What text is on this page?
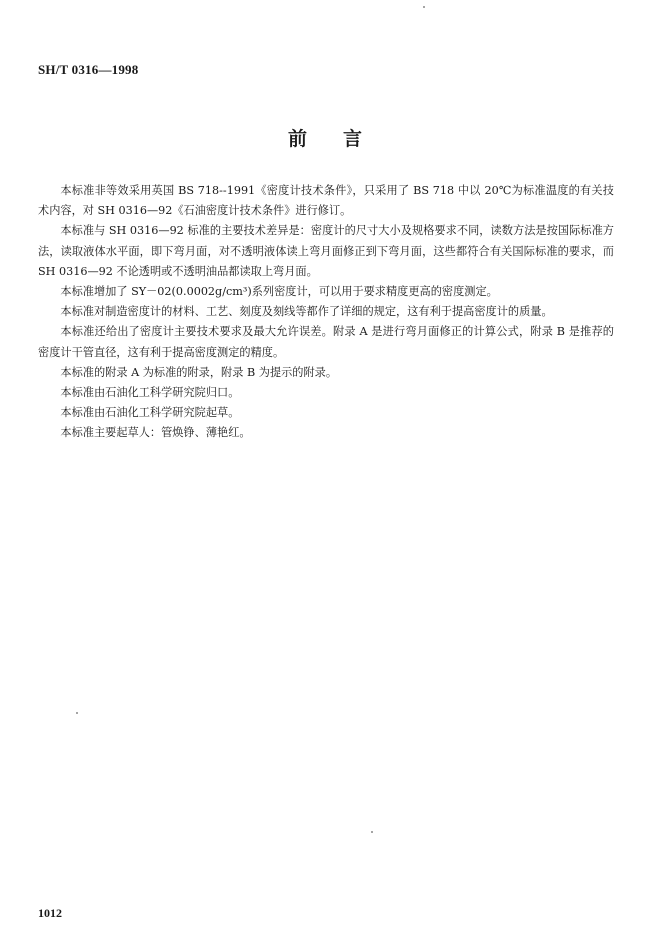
SH/T 0316—1998

前 言

本标准非等效采用英国 BS 718--1991《密度计技术条件》，只采用了 BS 718 中以 20℃为标准温度的有关技术内容，对 SH 0316—92《石油密度计技术条件》进行修订。

本标准与 SH 0316—92 标准的主要技术差异是：密度计的尺寸大小及规格要求不同，读数方法是按国际标准方法，读取液体水平面，即下弯月面，对不透明液体读上弯月面修正到下弯月面，这些都符合有关国际标准的要求，而 SH 0316—92 不论透明或不透明油品都读取上弯月面。

本标准增加了 SY－02(0.0002g/cm³)系列密度计，可以用于要求精度更高的密度测定。

本标准对制造密度计的材料、工艺、刻度及刻线等都作了详细的规定，这有利于提高密度计的质量。

本标准还给出了密度计主要技术要求及最大允许误差。附录 A 是进行弯月面修正的计算公式，附录 B 是推荐的密度计干管直径，这有利于提高密度测定的精度。

本标准的附录 A 为标准的附录，附录 B 为提示的附录。

本标准由石油化工科学研究院归口。

本标准由石油化工科学研究院起草。

本标准主要起草人：管焕铮、薄艳红。

1012
